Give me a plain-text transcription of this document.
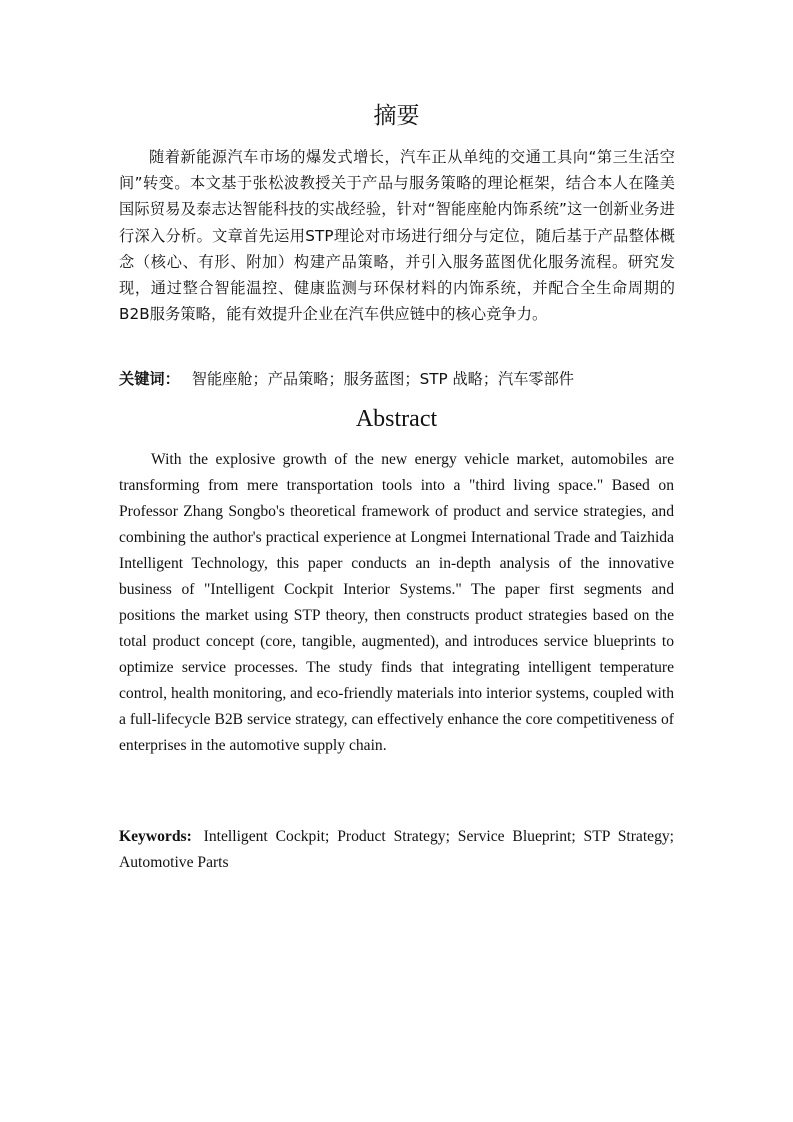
摘要

随着新能源汽车市场的爆发式增长，汽车正从单纯的交通工具向“第三生活空间”转变。本文基于张松波教授关于产品与服务策略的理论框架，结合本人在隆美国际贸易及泰志达智能科技的实战经验，针对“智能座舱内饰系统”这一创新业务进行深入分析。文章首先运用STP理论对市场进行细分与定位，随后基于产品整体概念（核心、有形、附加）构建产品策略，并引入服务蓝图优化服务流程。研究发现，通过整合智能温控、健康监测与环保材料的内饰系统，并配合全生命周期的B2B服务策略，能有效提升企业在汽车供应链中的核心竞争力。

关键词： 智能座舱；产品策略；服务蓝图；STP 战略；汽车零部件

Abstract

With the explosive growth of the new energy vehicle market, automobiles are transforming from mere transportation tools into a "third living space." Based on Professor Zhang Songbo's theoretical framework of product and service strategies, and combining the author's practical experience at Longmei International Trade and Taizhida Intelligent Technology, this paper conducts an in-depth analysis of the innovative business of "Intelligent Cockpit Interior Systems." The paper first segments and positions the market using STP theory, then constructs product strategies based on the total product concept (core, tangible, augmented), and introduces service blueprints to optimize service processes. The study finds that integrating intelligent temperature control, health monitoring, and eco-friendly materials into interior systems, coupled with a full-lifecycle B2B service strategy, can effectively enhance the core competitiveness of enterprises in the automotive supply chain.

Keywords: Intelligent Cockpit; Product Strategy; Service Blueprint; STP Strategy; Automotive Parts
